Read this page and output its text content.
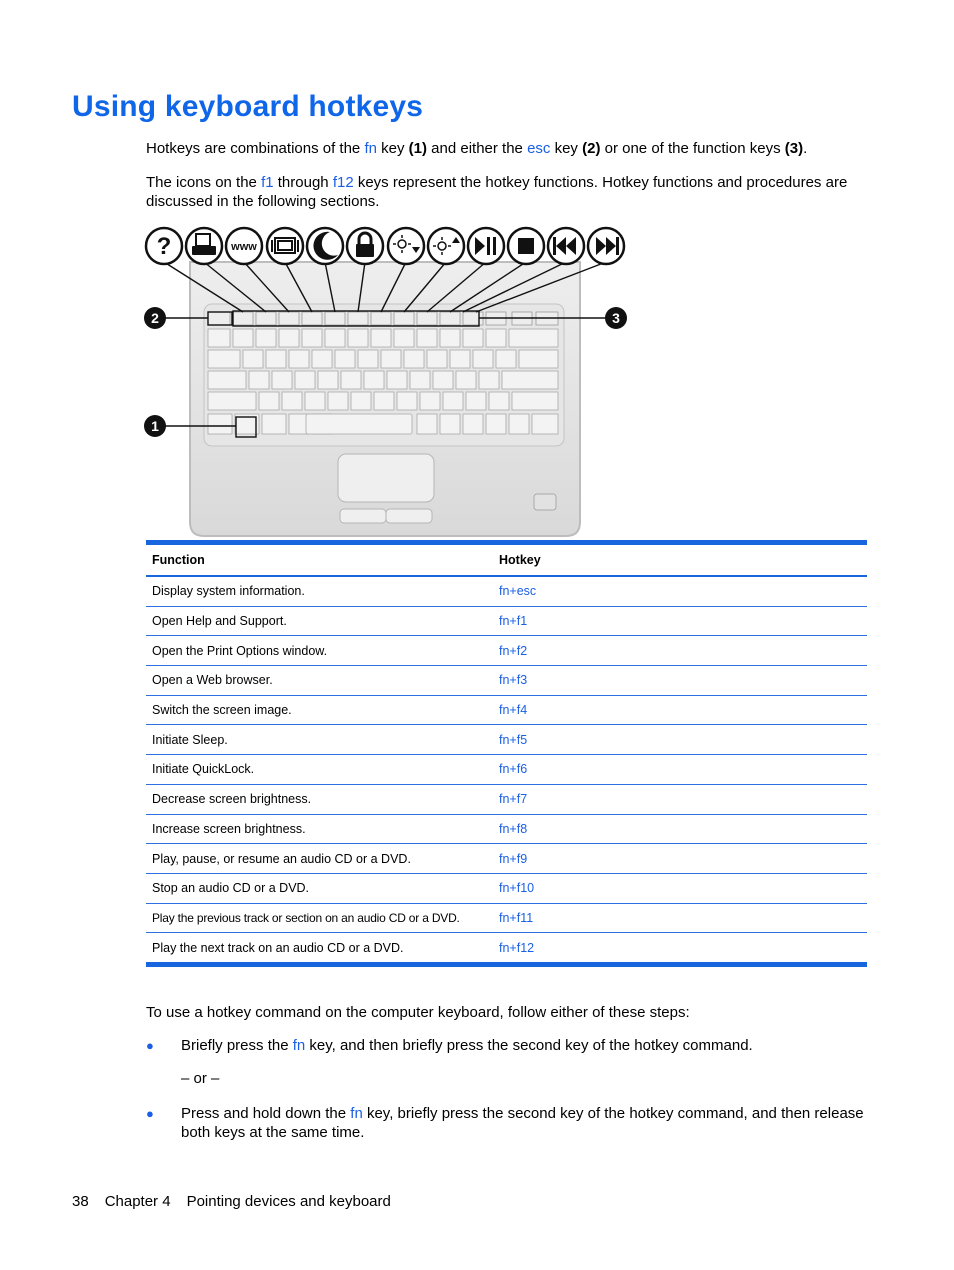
Using keyboard hotkeys

Hotkeys are combinations of the fn key (1) and either the esc key (2) or one of the function keys (3).

The icons on the f1 through f12 keys represent the hotkey functions. Hotkey functions and procedures are discussed in the following sections.

2
1
3
?	www
Function	Hotkey
Display system information.	fn+esc
Open Help and Support.	fn+f1
Open the Print Options window.	fn+f2
Open a Web browser.	fn+f3
Switch the screen image.	fn+f4
Initiate Sleep.	fn+f5
Initiate QuickLock.	fn+f6
Decrease screen brightness.	fn+f7
Increase screen brightness.	fn+f8
Play, pause, or resume an audio CD or a DVD.	fn+f9
Stop an audio CD or a DVD.	fn+f10
Play the previous track or section on an audio CD or a DVD.	fn+f11
Play the next track on an audio CD or a DVD.	fn+f12

To use a hotkey command on the computer keyboard, follow either of these steps:

● Briefly press the fn key, and then briefly press the second key of the hotkey command.
– or –
● Press and hold down the fn key, briefly press the second key of the hotkey command, and then release both keys at the same time.
38 Chapter 4 Pointing devices and keyboard
